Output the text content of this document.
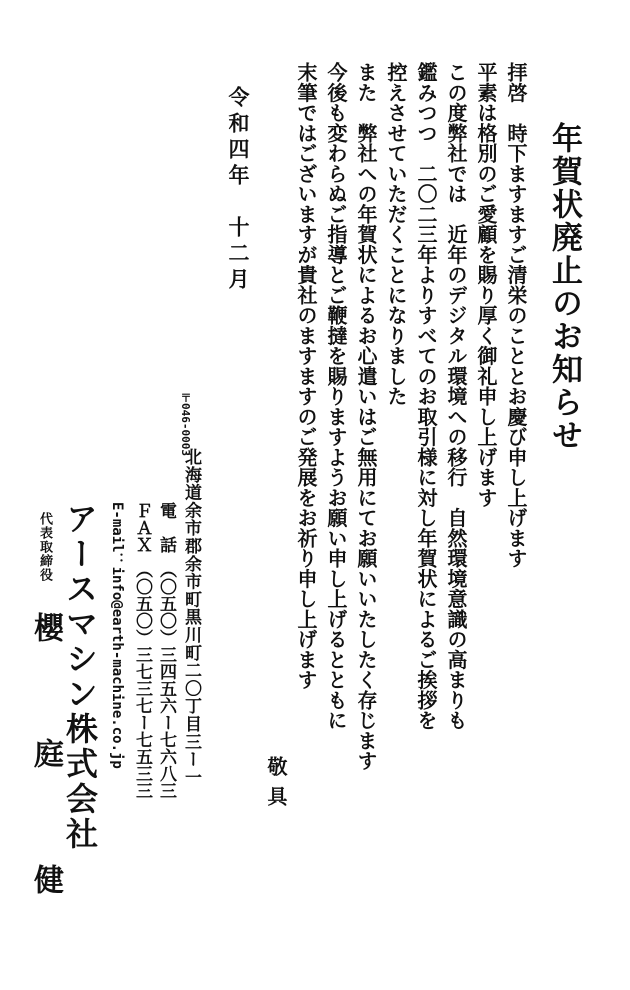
年賀状廃止のお知らせ
拝啓　時下ますますご清栄のこととお慶び申し上げます
平素は格別のご愛顧を賜り厚く御礼申し上げます
この度弊社では　近年のデジタル環境への移行　自然環境意識の高まりも
鑑みつつ　二〇二三年よりすべてのお取引様に対し年賀状によるご挨拶を
控えさせていただくことになりました
また　弊社への年賀状によるお心遣いはご無用にてお願いいたしたく存じます
今後も変わらぬご指導とご鞭撻を賜りますようお願い申し上げるとともに
末筆ではございますが貴社のますますのご発展をお祈り申し上げます
敬具
令和四年　十二月
〒046-0003
北海道余市郡余市町黒川町二〇丁目三ー一
電　話（〇五〇）三四五六ー七六八三
ＦＡＸ（〇五〇）三七三七ー七五三三
E-mail：info@earth-machine.co.jp
アースマシン株式会社
代表取締役
櫻庭健
